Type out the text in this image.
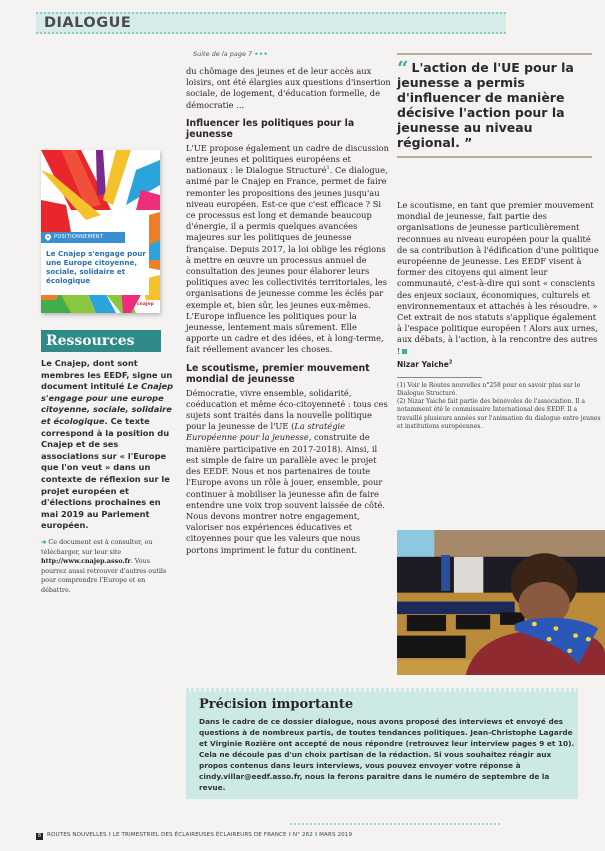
DIALOGUE
POSITIONNEMENT
Le Cnajep s'engage pour une Europe citoyenne, sociale, solidaire et écologique
cnajep
Ressources
Le Cnajep, dont sont membres les EEDF, signe un document intitulé Le Cnajep s'engage pour une europe citoyenne, sociale, solidaire et écologique. Ce texte correspond à la position du Cnajep et de ses associations sur « l'Europe que l'on veut » dans un contexte de réflexion sur le projet européen et d'élections prochaines en mai 2019 au Parlement européen.
➜ Ce document est à consulter, ou télécharger, sur leur site http://www.cnajep.asso.fr. Vous pourrez aussi retrouver d'autres outils pour comprendre l'Europe et en débattre.
Suite de la page 7 •••

du chômage des jeunes et de leur accès aux loisirs, ont été élargies aux questions d'insertion sociale, de logement, d'éducation formelle, de démocratie ...

Influencer les politiques pour la jeunesse

L'UE propose également un cadre de discussion entre jeunes et politiques européens et nationaux : le Dialogue Structuré$^1$. Ce dialogue, animé par le Cnajep en France, permet de faire remonter les propositions des jeunes jusqu'au niveau européen. Est-ce que c'est efficace ? Si ce processus est long et demande beaucoup d'énergie, il a permis quelques avancées majeures sur les politiques de jeunesse française. Depuis 2017, la loi oblige les régions à mettre en œuvre un processus annuel de consultation des jeunes pour élaborer leurs politiques avec les collectivités territoriales, les organisations de jeunesse comme les éclés par exemple et, bien sûr, les jeunes eux-mêmes.

L'Europe influence les politiques pour la jeunesse, lentement mais sûrement. Elle apporte un cadre et des idées, et à long-terme, fait réellement avancer les choses.

Le scoutisme, premier mouvement mondial de jeunesse

Démocratie, vivre ensemble, solidarité, coéducation et même éco-citoyenneté : tous ces sujets sont traités dans la nouvelle politique pour la jeunesse de l'UE (La stratégie Européenne pour la jeunesse, construite de manière participative en 2017-2018). Ainsi, il est simple de faire un parallèle avec le projet des EEDF. Nous et nos partenaires de toute l'Europe avons un rôle à jouer, ensemble, pour continuer à mobiliser la jeunesse afin de faire entendre une voix trop souvent laissée de côté. Nous devons montrer notre engagement, valoriser nos expériences éducatives et citoyennes pour que les valeurs que nous portons impriment le futur du continent.

“ L'action de l'UE pour la jeunesse a permis d'influencer de manière décisive l'action pour la jeunesse au niveau régional. ”

Le scoutisme, en tant que premier mouvement mondial de jeunesse, fait partie des organisations de jeunesse particulièrement reconnues au niveau européen pour la qualité de sa contribution à l'édification d'une politique européenne de jeunesse. Les EEDF visent à former des citoyens qui aiment leur communauté, c'est-à-dire qui sont « conscients des enjeux sociaux, économiques, culturels et environnementaux et attachés à les résoudre. » Cet extrait de nos statuts s'applique également à l'espace politique européen ! Alors aux urnes, aux débats, à l'action, à la rencontre des autres !

Nizar Yaiche$^2$

(1) Voir le Routes nouvelles n°258 pour en savoir plus sur le Dialogue Structuré.

(2) Nizar Yaiche fait partie des bénévoles de l'association. Il a notamment été le commissaire International des EEDF. Il a travaillé plusieurs années sur l'animation du dialogue entre jeunes et institutions européennes.

Précision importante
Dans le cadre de ce dossier dialogue, nous avons proposé des interviews et envoyé des questions à de nombreux partis, de toutes tendances politiques. Jean-Christophe Lagarde et Virginie Rozière ont accepté de nous répondre (retrouvez leur interview pages 9 et 10). Cela ne découle pas d'un choix partisan de la rédaction. Si vous souhaitez réagir aux propos contenus dans leurs interviews, vous pouvez envoyer votre réponse à cindy.villar@eedf.asso.fr, nous la ferons paraitre dans le numéro de septembre de la revue.
8 ROUTES NOUVELLES I LE TRIMESTRIEL DES ÉCLAIREUSES ÉCLAIREURS DE FRANCE I N° 262 I MARS 2019
